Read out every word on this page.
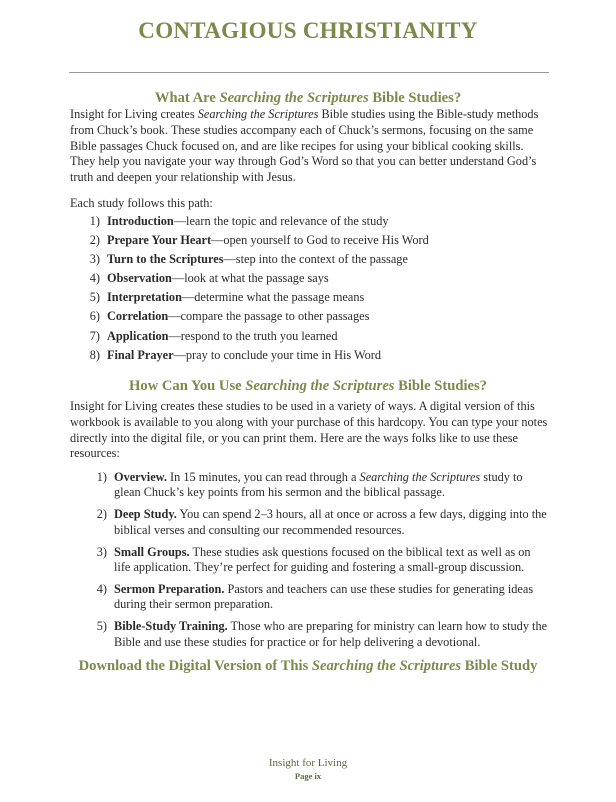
CONTAGIOUS CHRISTIANITY
What Are Searching the Scriptures Bible Studies?
Insight for Living creates Searching the Scriptures Bible studies using the Bible-study methods from Chuck’s book. These studies accompany each of Chuck’s sermons, focusing on the same Bible passages Chuck focused on, and are like recipes for using your biblical cooking skills. They help you navigate your way through God’s Word so that you can better understand God’s truth and deepen your relationship with Jesus.
Each study follows this path:
1) Introduction—learn the topic and relevance of the study
2) Prepare Your Heart—open yourself to God to receive His Word
3) Turn to the Scriptures—step into the context of the passage
4) Observation—look at what the passage says
5) Interpretation—determine what the passage means
6) Correlation—compare the passage to other passages
7) Application—respond to the truth you learned
8) Final Prayer—pray to conclude your time in His Word
How Can You Use Searching the Scriptures Bible Studies?
Insight for Living creates these studies to be used in a variety of ways. A digital version of this workbook is available to you along with your purchase of this hardcopy. You can type your notes directly into the digital file, or you can print them. Here are the ways folks like to use these resources:
1) Overview. In 15 minutes, you can read through a Searching the Scriptures study to glean Chuck’s key points from his sermon and the biblical passage.
2) Deep Study. You can spend 2–3 hours, all at once or across a few days, digging into the biblical verses and consulting our recommended resources.
3) Small Groups. These studies ask questions focused on the biblical text as well as on life application. They’re perfect for guiding and fostering a small-group discussion.
4) Sermon Preparation. Pastors and teachers can use these studies for generating ideas during their sermon preparation.
5) Bible-Study Training. Those who are preparing for ministry can learn how to study the Bible and use these studies for practice or for help delivering a devotional.
Download the Digital Version of This Searching the Scriptures Bible Study
Insight for Living
Page ix
